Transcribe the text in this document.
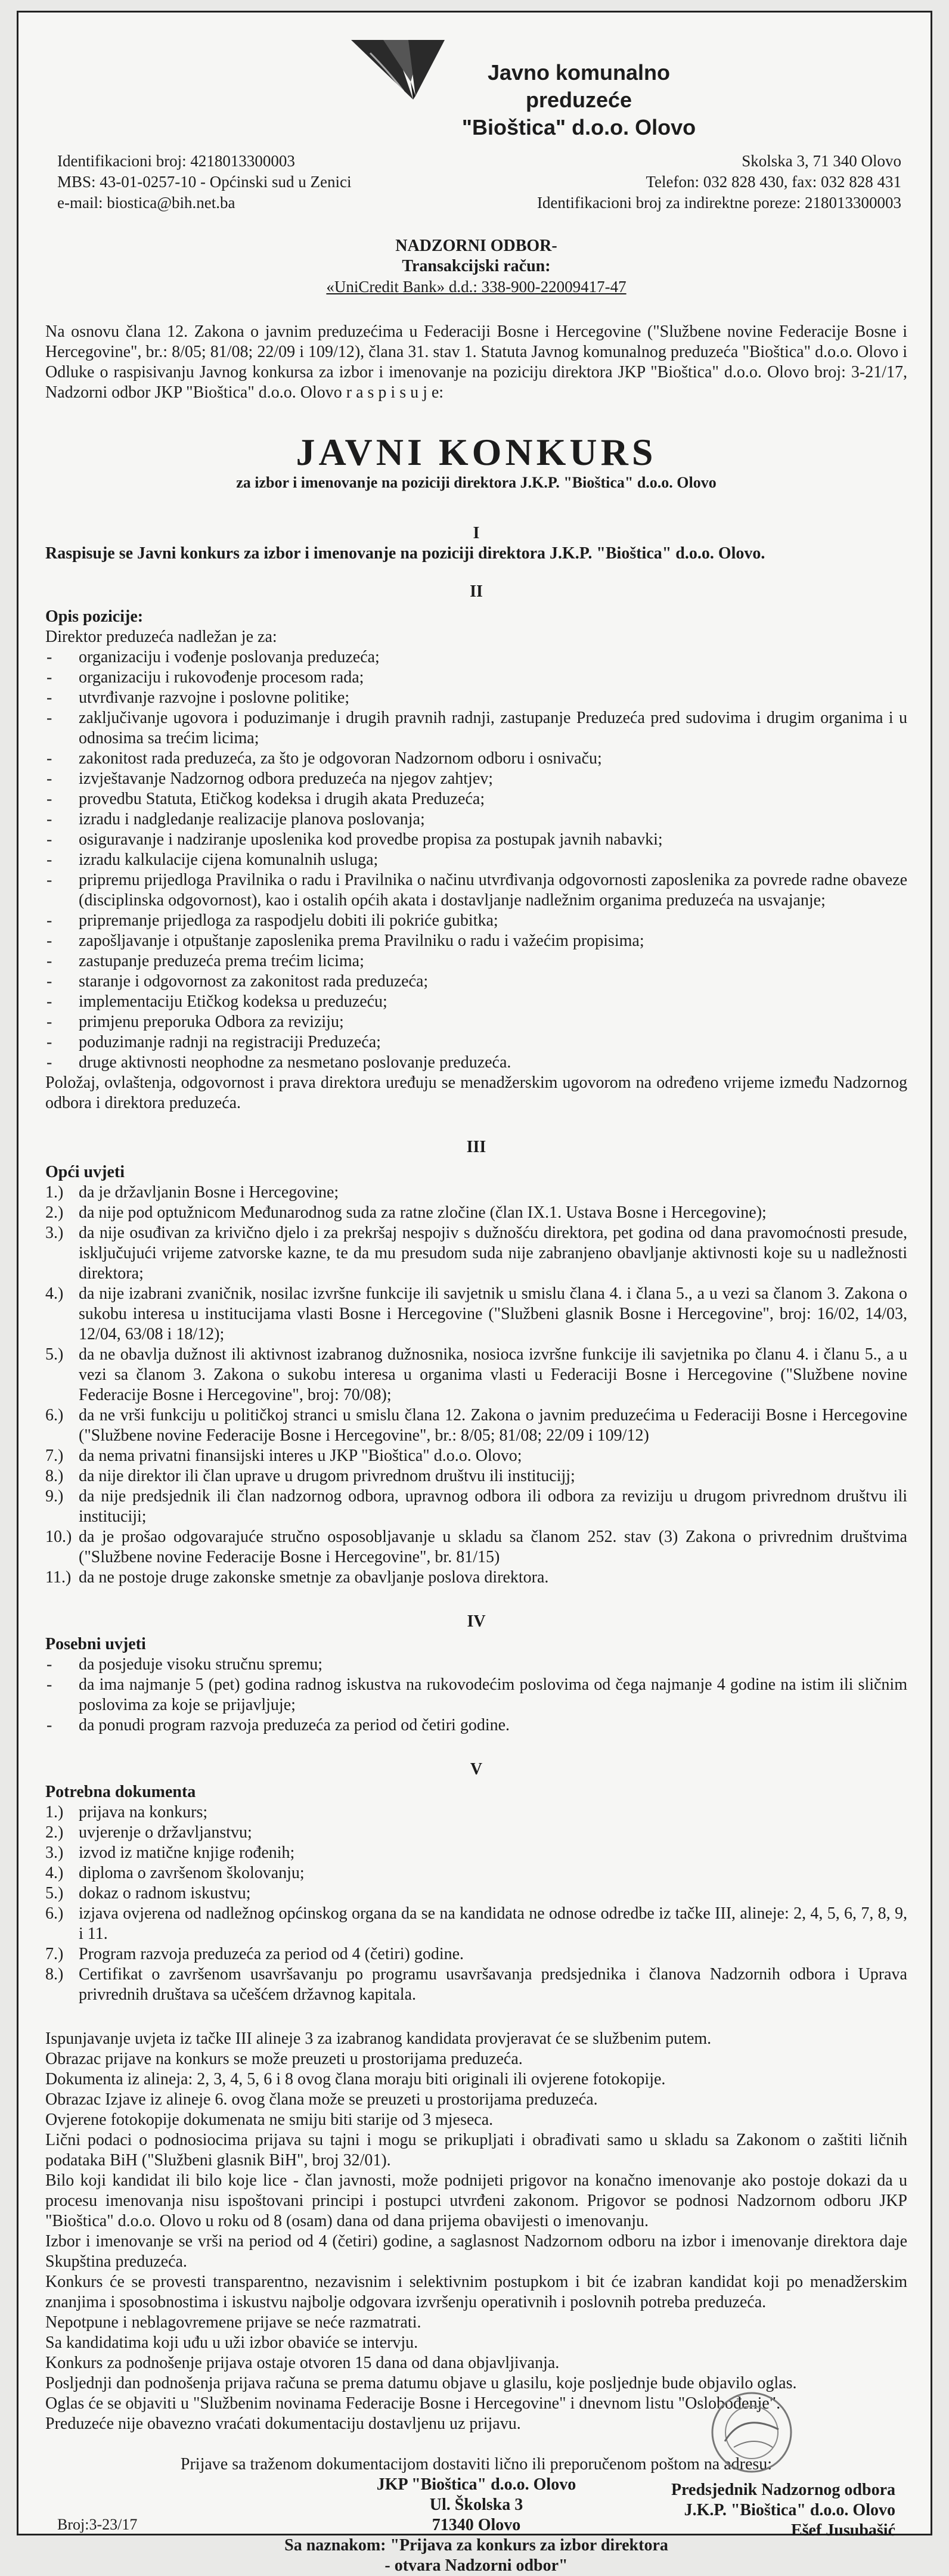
Javno komunalno preduzeće
"Bioštica" d.o.o. Olovo
Identifikacioni broj: 4218013300003
MBS: 43-01-0257-10 - Općinski sud u Zenici
e-mail: biostica@bih.net.ba
Skolska 3, 71 340 Olovo
Telefon: 032 828 430, fax: 032 828 431
Identifikacioni broj za indirektne poreze: 218013300003
NADZORNI ODBOR-
Transakcijski račun:
«UniCredit Bank» d.d.: 338-900-22009417-47

Na osnovu člana 12. Zakona o javnim preduzećima u Federaciji Bosne i Hercegovine ("Službene novine Federacije Bosne i Hercegovine", br.: 8/05; 81/08; 22/09 i 109/12), člana 31. stav 1. Statuta Javnog komunalnog preduzeća "Bioštica" d.o.o. Olovo i Odluke o raspisivanju Javnog konkursa za izbor i imenovanje na poziciju direktora JKP "Bioštica" d.o.o. Olovo broj: 3-21/17, Nadzorni odbor JKP "Bioštica" d.o.o. Olovo r a s p i s u j e:

JAVNI KONKURS
za izbor i imenovanje na poziciji direktora J.K.P. "Bioštica" d.o.o. Olovo
I

Raspisuje se Javni konkurs za izbor i imenovanje na poziciji direktora J.K.P. "Bioštica" d.o.o. Olovo.

II
Opis pozicije:

Direktor preduzeća nadležan je za:

- organizaciju i vođenje poslovanja preduzeća;
- organizaciju i rukovođenje procesom rada;
- utvrđivanje razvojne i poslovne politike;
- zaključivanje ugovora i poduzimanje i drugih pravnih radnji, zastupanje Preduzeća pred sudovima i drugim organima i u odnosima sa trećim licima;
- zakonitost rada preduzeća, za što je odgovoran Nadzornom odboru i osnivaču;
- izvještavanje Nadzornog odbora preduzeća na njegov zahtjev;
- provedbu Statuta, Etičkog kodeksa i drugih akata Preduzeća;
- izradu i nadgledanje realizacije planova poslovanja;
- osiguravanje i nadziranje uposlenika kod provedbe propisa za postupak javnih nabavki;
- izradu kalkulacije cijena komunalnih usluga;
- pripremu prijedloga Pravilnika o radu i Pravilnika o načinu utvrđivanja odgovornosti zaposlenika za povrede radne obaveze (disciplinska odgovornost), kao i ostalih općih akata i dostavljanje nadležnim organima preduzeća na usvajanje;
- pripremanje prijedloga za raspodjelu dobiti ili pokriće gubitka;
- zapošljavanje i otpuštanje zaposlenika prema Pravilniku o radu i važećim propisima;
- zastupanje preduzeća prema trećim licima;
- staranje i odgovornost za zakonitost rada preduzeća;
- implementaciju Etičkog kodeksa u preduzeću;
- primjenu preporuka Odbora za reviziju;
- poduzimanje radnji na registraciji Preduzeća;
- druge aktivnosti neophodne za nesmetano poslovanje preduzeća.

Položaj, ovlaštenja, odgovornost i prava direktora uređuju se menadžerskim ugovorom na određeno vrijeme između Nadzornog odbora i direktora preduzeća.

III
Opći uvjeti
1.) da je državljanin Bosne i Hercegovine;
2.) da nije pod optužnicom Međunarodnog suda za ratne zločine (član IX.1. Ustava Bosne i Hercegovine);
3.) da nije osuđivan za krivično djelo i za prekršaj nespojiv s dužnošću direktora, pet godina od dana pravomoćnosti presude, isključujući vrijeme zatvorske kazne, te da mu presudom suda nije zabranjeno obavljanje aktivnosti koje su u nadležnosti direktora;
4.) da nije izabrani zvaničnik, nosilac izvršne funkcije ili savjetnik u smislu člana 4. i člana 5., a u vezi sa članom 3. Zakona o sukobu interesa u institucijama vlasti Bosne i Hercegovine ("Službeni glasnik Bosne i Hercegovine", broj: 16/02, 14/03, 12/04, 63/08 i 18/12);
5.) da ne obavlja dužnost ili aktivnost izabranog dužnosnika, nosioca izvršne funkcije ili savjetnika po članu 4. i članu 5., a u vezi sa članom 3. Zakona o sukobu interesa u organima vlasti u Federaciji Bosne i Hercegovine ("Službene novine Federacije Bosne i Hercegovine", broj: 70/08);
6.) da ne vrši funkciju u političkoj stranci u smislu člana 12. Zakona o javnim preduzećima u Federaciji Bosne i Hercegovine ("Službene novine Federacije Bosne i Hercegovine", br.: 8/05; 81/08; 22/09 i 109/12)
7.) da nema privatni finansijski interes u JKP "Bioštica" d.o.o. Olovo;
8.) da nije direktor ili član uprave u drugom privrednom društvu ili institucijj;
9.) da nije predsjednik ili član nadzornog odbora, upravnog odbora ili odbora za reviziju u drugom privrednom društvu ili instituciji;
10.) da je prošao odgovarajuće stručno osposobljavanje u skladu sa članom 252. stav (3) Zakona o privrednim društvima ("Službene novine Federacije Bosne i Hercegovine", br. 81/15)
11.) da ne postoje druge zakonske smetnje za obavljanje poslova direktora.
IV
Posebni uvjeti
- da posjeduje visoku stručnu spremu;
- da ima najmanje 5 (pet) godina radnog iskustva na rukovodećim poslovima od čega najmanje 4 godine na istim ili sličnim poslovima za koje se prijavljuje;
- da ponudi program razvoja preduzeća za period od četiri godine.
V
Potrebna dokumenta
1.) prijava na konkurs;
2.) uvjerenje o državljanstvu;
3.) izvod iz matične knjige rođenih;
4.) diploma o završenom školovanju;
5.) dokaz o radnom iskustvu;
6.) izjava ovjerena od nadležnog općinskog organa da se na kandidata ne odnose odredbe iz tačke III, alineje: 2, 4, 5, 6, 7, 8, 9, i 11.
7.) Program razvoja preduzeća za period od 4 (četiri) godine.
8.) Certifikat o završenom usavršavanju po programu usavršavanja predsjednika i članova Nadzornih odbora i Uprava privrednih društava sa učešćem državnog kapitala.

Ispunjavanje uvjeta iz tačke III alineje 3 za izabranog kandidata provjeravat će se službenim putem.

Obrazac prijave na konkurs se može preuzeti u prostorijama preduzeća.

Dokumenta iz alineja: 2, 3, 4, 5, 6 i 8 ovog člana moraju biti originali ili ovjerene fotokopije.

Obrazac Izjave iz alineje 6. ovog člana može se preuzeti u prostorijama preduzeća.

Ovjerene fotokopije dokumenata ne smiju biti starije od 3 mjeseca.

Lični podaci o podnosiocima prijava su tajni i mogu se prikupljati i obrađivati samo u skladu sa Zakonom o zaštiti ličnih podataka BiH ("Službeni glasnik BiH", broj 32/01).

Bilo koji kandidat ili bilo koje lice - član javnosti, može podnijeti prigovor na konačno imenovanje ako postoje dokazi da u procesu imenovanja nisu ispoštovani principi i postupci utvrđeni zakonom. Prigovor se podnosi Nadzornom odboru JKP "Bioštica" d.o.o. Olovo u roku od 8 (osam) dana od dana prijema obavijesti o imenovanju.

Izbor i imenovanje se vrši na period od 4 (četiri) godine, a saglasnost Nadzornom odboru na izbor i imenovanje direktora daje Skupština preduzeća.

Konkurs će se provesti transparentno, nezavisnim i selektivnim postupkom i bit će izabran kandidat koji po menadžerskim znanjima i sposobnostima i iskustvu najbolje odgovara izvršenju operativnih i poslovnih potreba preduzeća.

Nepotpune i neblagovremene prijave se neće razmatrati.

Sa kandidatima koji uđu u uži izbor obaviće se intervju.

Konkurs za podnošenje prijava ostaje otvoren 15 dana od dana objavljivanja.

Posljednji dan podnošenja prijava računa se prema datumu objave u glasilu, koje posljednje bude objavilo oglas.

Oglas će se objaviti u "Službenim novinama Federacije Bosne i Hercegovine" i dnevnom listu "Oslobođenje".

Preduzeće nije obavezno vraćati dokumentaciju dostavljenu uz prijavu.

Prijave sa traženom dokumentacijom dostaviti lično ili preporučenom poštom na adresu:

JKP "Bioštica" d.o.o. Olovo

Ul. Školska 3

71340 Olovo

Sa naznakom: "Prijava za konkurs za izbor direktora

- otvara Nadzorni odbor"

Predsjednik Nadzornog odbora
J.K.P. "Bioštica" d.o.o. Olovo
Ešef Jusubašić
Broj:3-23/17
